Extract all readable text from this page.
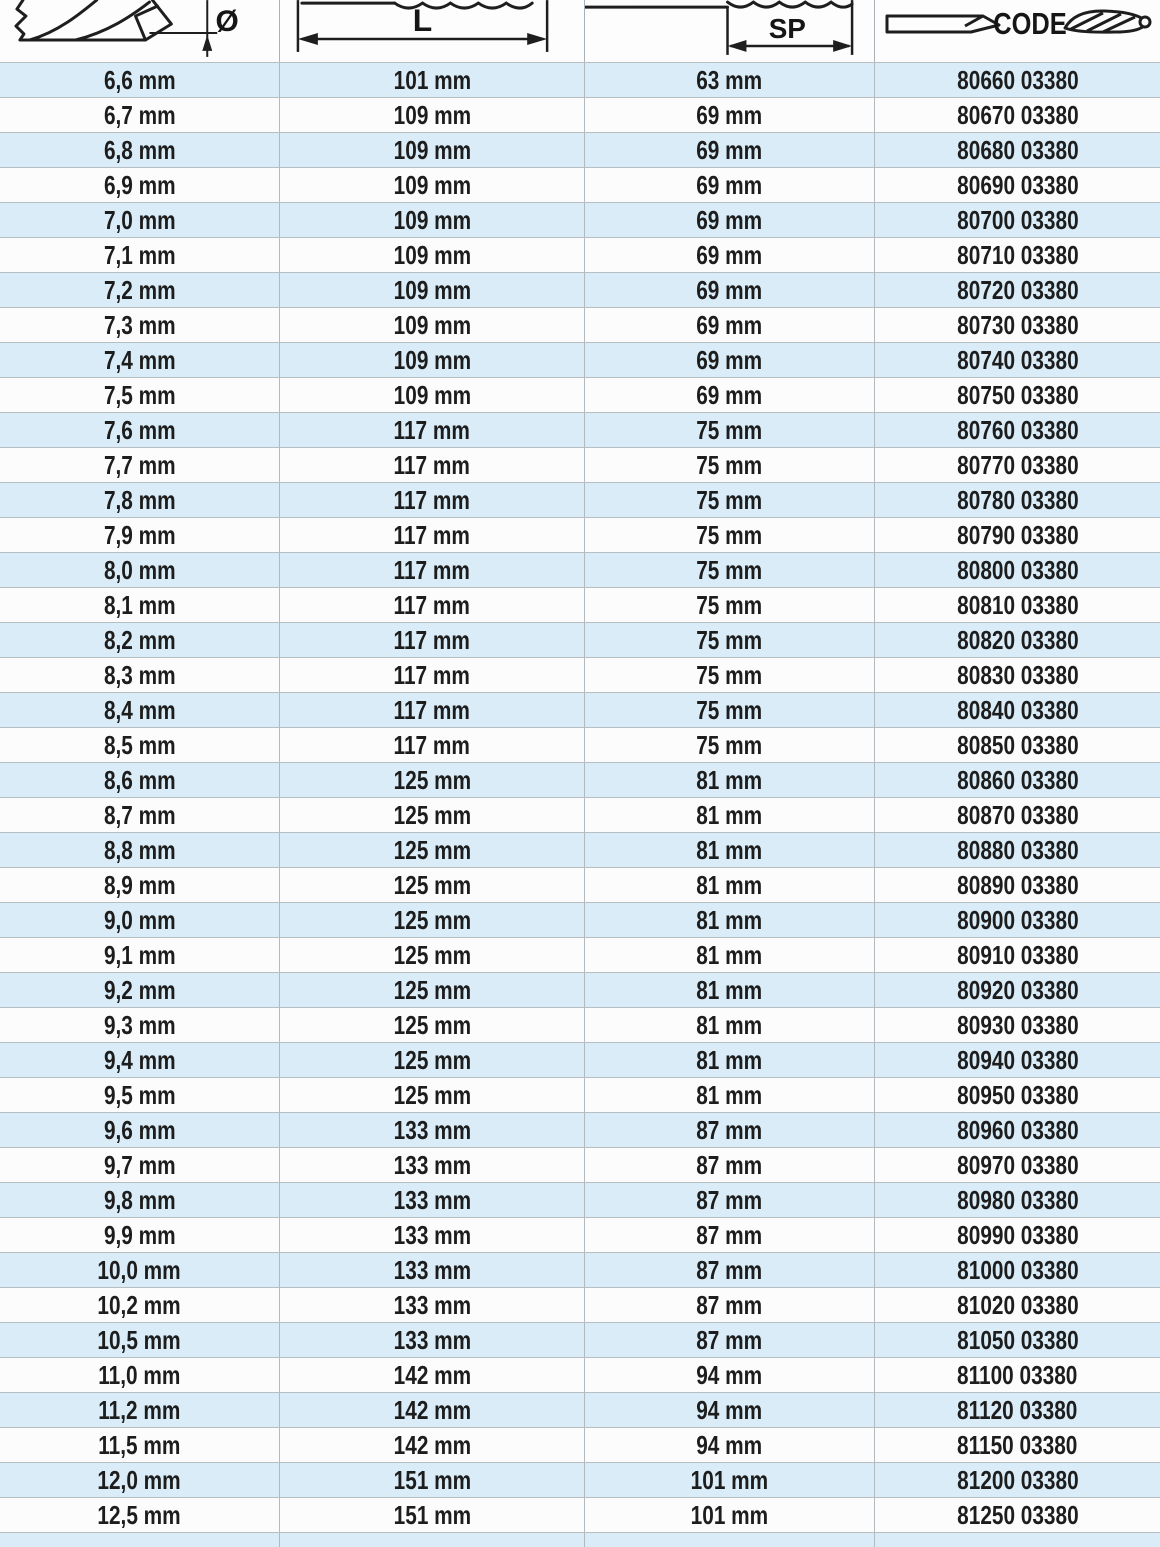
Ø	L	SP	CODE
6,6 mm	101 mm	63 mm	80660 03380
6,7 mm	109 mm	69 mm	80670 03380
6,8 mm	109 mm	69 mm	80680 03380
6,9 mm	109 mm	69 mm	80690 03380
7,0 mm	109 mm	69 mm	80700 03380
7,1 mm	109 mm	69 mm	80710 03380
7,2 mm	109 mm	69 mm	80720 03380
7,3 mm	109 mm	69 mm	80730 03380
7,4 mm	109 mm	69 mm	80740 03380
7,5 mm	109 mm	69 mm	80750 03380
7,6 mm	117 mm	75 mm	80760 03380
7,7 mm	117 mm	75 mm	80770 03380
7,8 mm	117 mm	75 mm	80780 03380
7,9 mm	117 mm	75 mm	80790 03380
8,0 mm	117 mm	75 mm	80800 03380
8,1 mm	117 mm	75 mm	80810 03380
8,2 mm	117 mm	75 mm	80820 03380
8,3 mm	117 mm	75 mm	80830 03380
8,4 mm	117 mm	75 mm	80840 03380
8,5 mm	117 mm	75 mm	80850 03380
8,6 mm	125 mm	81 mm	80860 03380
8,7 mm	125 mm	81 mm	80870 03380
8,8 mm	125 mm	81 mm	80880 03380
8,9 mm	125 mm	81 mm	80890 03380
9,0 mm	125 mm	81 mm	80900 03380
9,1 mm	125 mm	81 mm	80910 03380
9,2 mm	125 mm	81 mm	80920 03380
9,3 mm	125 mm	81 mm	80930 03380
9,4 mm	125 mm	81 mm	80940 03380
9,5 mm	125 mm	81 mm	80950 03380
9,6 mm	133 mm	87 mm	80960 03380
9,7 mm	133 mm	87 mm	80970 03380
9,8 mm	133 mm	87 mm	80980 03380
9,9 mm	133 mm	87 mm	80990 03380
10,0 mm	133 mm	87 mm	81000 03380
10,2 mm	133 mm	87 mm	81020 03380
10,5 mm	133 mm	87 mm	81050 03380
11,0 mm	142 mm	94 mm	81100 03380
11,2 mm	142 mm	94 mm	81120 03380
11,5 mm	142 mm	94 mm	81150 03380
12,0 mm	151 mm	101 mm	81200 03380
12,5 mm	151 mm	101 mm	81250 03380
